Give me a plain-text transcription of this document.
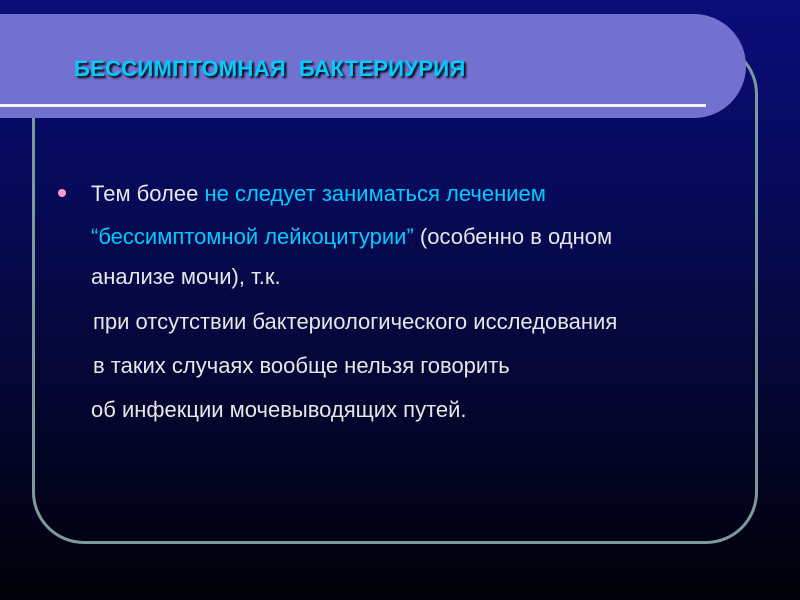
БЕССИМПТОМНАЯ  БАКТЕРИУРИЯ

Тем более не следует заниматься лечением

“бессимптомной лейкоцитурии” (особенно в одном

анализе мочи), т.к.

при отсутствии бактериологического исследования

в таких случаях вообще нельзя говорить

об инфекции мочевыводящих путей.
